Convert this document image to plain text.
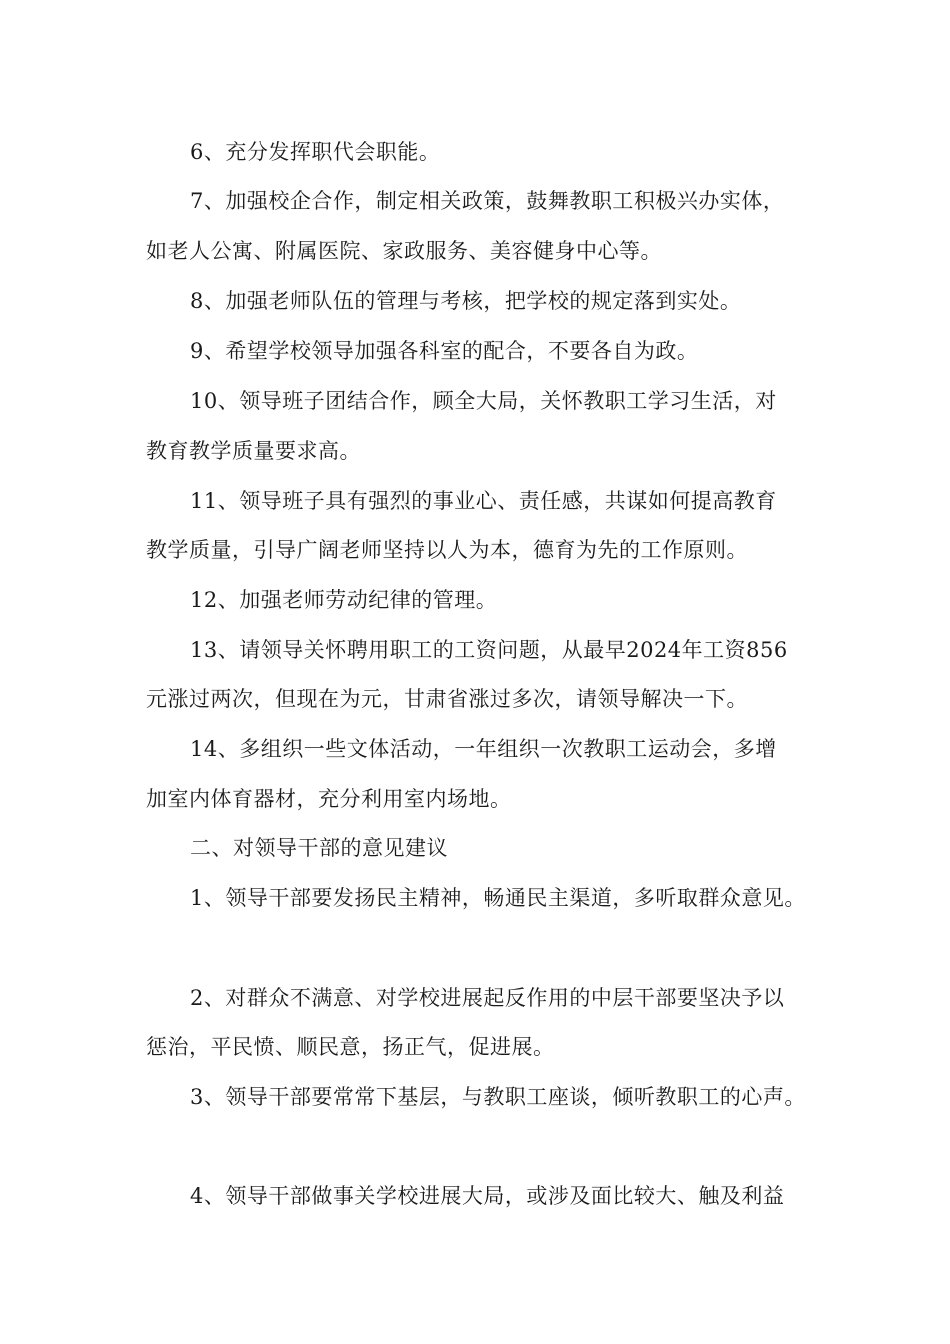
6、充分发挥职代会职能。
7、加强校企合作，制定相关政策，鼓舞教职工积极兴办实体，
如老人公寓、附属医院、家政服务、美容健身中心等。
8、加强老师队伍的管理与考核，把学校的规定落到实处。
9、希望学校领导加强各科室的配合，不要各自为政。
10、领导班子团结合作，顾全大局，关怀教职工学习生活，对
教育教学质量要求高。
11、领导班子具有强烈的事业心、责任感，共谋如何提高教育
教学质量，引导广阔老师坚持以人为本，德育为先的工作原则。
12、加强老师劳动纪律的管理。
13、请领导关怀聘用职工的工资问题，从最早2024年工资856
元涨过两次，但现在为元，甘肃省涨过多次，请领导解决一下。
14、多组织一些文体活动，一年组织一次教职工运动会，多增
加室内体育器材，充分利用室内场地。
二、对领导干部的意见建议
1、领导干部要发扬民主精神，畅通民主渠道，多听取群众意见。
2、对群众不满意、对学校进展起反作用的中层干部要坚决予以
惩治，平民愤、顺民意，扬正气，促进展。
3、领导干部要常常下基层，与教职工座谈，倾听教职工的心声。
4、领导干部做事关学校进展大局，或涉及面比较大、触及利益
